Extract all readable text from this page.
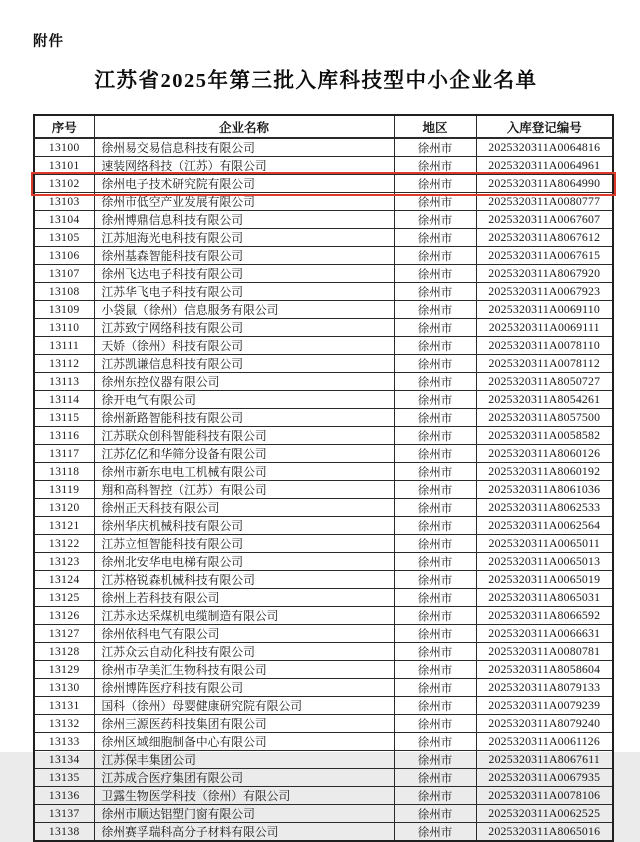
附件
江苏省2025年第三批入库科技型中小企业名单
序号	企业名称	地区	入库登记编号
13100	徐州易交易信息科技有限公司	徐州市	2025320311A0064816
13101	速装网络科技（江苏）有限公司	徐州市	2025320311A0064961
13102	徐州电子技术研究院有限公司	徐州市	2025320311A8064990
13103	徐州市低空产业发展有限公司	徐州市	2025320311A0080777
13104	徐州博鼎信息科技有限公司	徐州市	2025320311A0067607
13105	江苏旭海光电科技有限公司	徐州市	2025320311A8067612
13106	徐州基森智能科技有限公司	徐州市	2025320311A0067615
13107	徐州飞达电子科技有限公司	徐州市	2025320311A8067920
13108	江苏华飞电子科技有限公司	徐州市	2025320311A0067923
13109	小袋鼠（徐州）信息服务有限公司	徐州市	2025320311A0069110
13110	江苏致宁网络科技有限公司	徐州市	2025320311A0069111
13111	天娇（徐州）科技有限公司	徐州市	2025320311A0078110
13112	江苏凯谦信息科技有限公司	徐州市	2025320311A0078112
13113	徐州东控仪器有限公司	徐州市	2025320311A8050727
13114	徐开电气有限公司	徐州市	2025320311A8054261
13115	徐州新路智能科技有限公司	徐州市	2025320311A8057500
13116	江苏联众创科智能科技有限公司	徐州市	2025320311A0058582
13117	江苏亿亿和华筛分设备有限公司	徐州市	2025320311A8060126
13118	徐州市新东电电工机械有限公司	徐州市	2025320311A8060192
13119	翔和高科智控（江苏）有限公司	徐州市	2025320311A8061036
13120	徐州正天科技有限公司	徐州市	2025320311A8062533
13121	徐州华庆机械科技有限公司	徐州市	2025320311A0062564
13122	江苏立恒智能科技有限公司	徐州市	2025320311A0065011
13123	徐州北安华电电梯有限公司	徐州市	2025320311A0065013
13124	江苏格锐森机械科技有限公司	徐州市	2025320311A0065019
13125	徐州上若科技有限公司	徐州市	2025320311A8065031
13126	江苏永达采煤机电缆制造有限公司	徐州市	2025320311A8066592
13127	徐州依科电气有限公司	徐州市	2025320311A0066631
13128	江苏众云自动化科技有限公司	徐州市	2025320311A0080781
13129	徐州市孕美汇生物科技有限公司	徐州市	2025320311A8058604
13130	徐州博阵医疗科技有限公司	徐州市	2025320311A8079133
13131	国科（徐州）母婴健康研究院有限公司	徐州市	2025320311A0079239
13132	徐州三源医药科技集团有限公司	徐州市	2025320311A8079240
13133	徐州区域细胞制备中心有限公司	徐州市	2025320311A0061126
13134	江苏保丰集团公司	徐州市	2025320311A8067611
13135	江苏成合医疗集团有限公司	徐州市	2025320311A0067935
13136	卫露生物医学科技（徐州）有限公司	徐州市	2025320311A0078106
13137	徐州市顺达铝塑门窗有限公司	徐州市	2025320311A0062525
13138	徐州赛孚瑞科高分子材料有限公司	徐州市	2025320311A8065016
